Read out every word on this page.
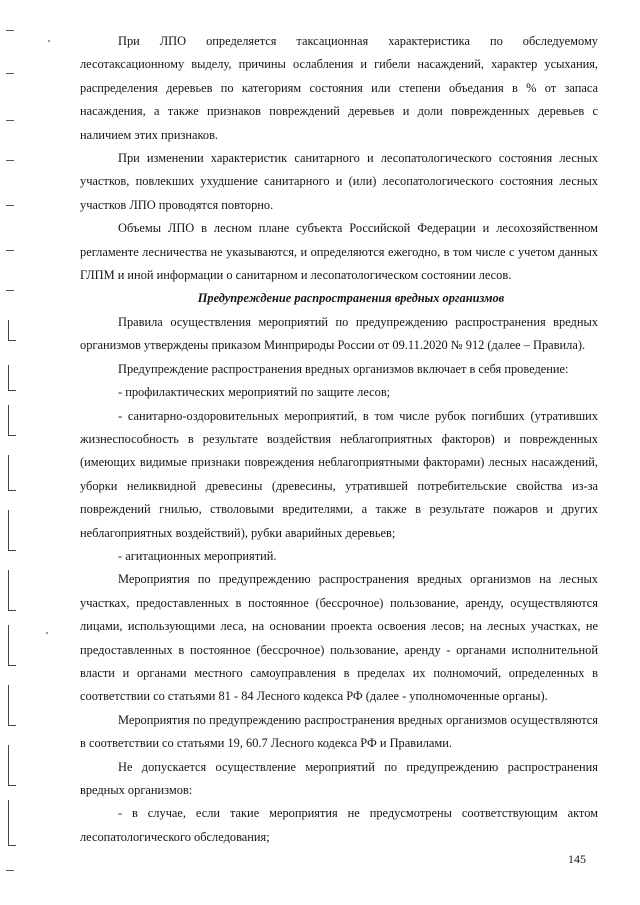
При ЛПО определяется таксационная характеристика по обследуемому лесотаксационному выделу, причины ослабления и гибели насаждений, характер усыхания, распределения деревьев по категориям состояния или степени объедания в % от запаса насаждения, а также признаков повреждений деревьев и доли поврежденных деревьев с наличием этих признаков.

При изменении характеристик санитарного и лесопатологического состояния лесных участков, повлекших ухудшение санитарного и (или) лесопатологического состояния лесных участков ЛПО проводятся повторно.

Объемы ЛПО в лесном плане субъекта Российской Федерации и лесохозяйственном регламенте лесничества не указываются, и определяются ежегодно, в том числе с учетом данных ГЛПМ и иной информации о санитарном и лесопатологическом состоянии лесов.

Предупреждение распространения вредных организмов

Правила осуществления мероприятий по предупреждению распространения вредных организмов утверждены приказом Минприроды России от 09.11.2020 № 912 (далее – Правила).

Предупреждение распространения вредных организмов включает в себя проведение:

- профилактических мероприятий по защите лесов;

- санитарно-оздоровительных мероприятий, в том числе рубок погибших (утративших жизнеспособность в результате воздействия неблагоприятных факторов) и поврежденных (имеющих видимые признаки повреждения неблагоприятными факторами) лесных насаждений, уборки неликвидной древесины (древесины, утратившей потребительские свойства из-за повреждений гнилью, стволовыми вредителями, а также в результате пожаров и других неблагоприятных воздействий), рубки аварийных деревьев;

- агитационных мероприятий.

Мероприятия по предупреждению распространения вредных организмов на лесных участках, предоставленных в постоянное (бессрочное) пользование, аренду, осуществляются лицами, использующими леса, на основании проекта освоения лесов; на лесных участках, не предоставленных в постоянное (бессрочное) пользование, аренду - органами исполнительной власти и органами местного самоуправления в пределах их полномочий, определенных в соответствии со статьями 81 - 84 Лесного кодекса РФ (далее - уполномоченные органы).

Мероприятия по предупреждению распространения вредных организмов осуществляются в соответствии со статьями 19, 60.7 Лесного кодекса РФ и Правилами.

Не допускается осуществление мероприятий по предупреждению распространения вредных организмов:

- в случае, если такие мероприятия не предусмотрены соответствующим актом лесопатологического обследования;

145
